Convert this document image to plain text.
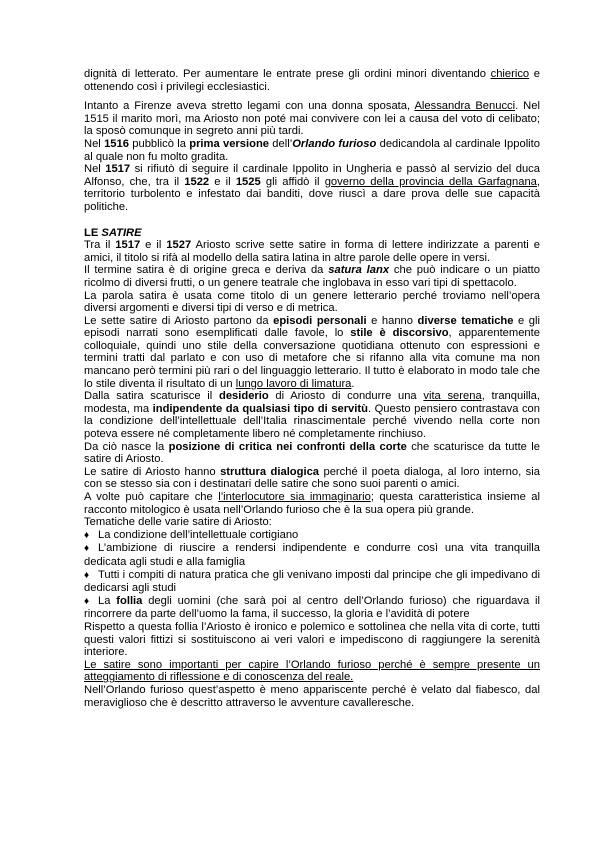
dignità di letterato. Per aumentare le entrate prese gli ordini minori diventando chierico e ottenendo così i privilegi ecclesiastici.

Intanto a Firenze aveva stretto legami con una donna sposata, Alessandra Benucci. Nel 1515 il marito morì, ma Ariosto non poté mai convivere con lei a causa del voto di celibato; la sposò comunque in segreto anni più tardi.

Nel 1516 pubblicò la prima versione dell’Orlando furioso dedicandola al cardinale Ippolito al quale non fu molto gradita.

Nel 1517 si rifiutò di seguire il cardinale Ippolito in Ungheria e passò al servizio del duca Alfonso, che, tra il 1522 e il 1525 gli affidò il governo della provincia della Garfagnana, territorio turbolento e infestato dai banditi, dove riuscì a dare prova delle sue capacità politiche.

LE SATIRE

Tra il 1517 e il 1527 Ariosto scrive sette satire in forma di lettere indirizzate a parenti e amici, il titolo si rifà al modello della satira latina in altre parole delle opere in versi.

Il termine satira è di origine greca e deriva da satura lanx che può indicare o un piatto ricolmo di diversi frutti, o un genere teatrale che inglobava in esso vari tipi di spettacolo.

La parola satira è usata come titolo di un genere letterario perché troviamo nell’opera diversi argomenti e diversi tipi di verso e di metrica.

Le sette satire di Ariosto partono da episodi personali e hanno diverse tematiche e gli episodi narrati sono esemplificati dalle favole, lo stile è discorsivo, apparentemente colloquiale, quindi uno stile della conversazione quotidiana ottenuto con espressioni e termini tratti dal parlato e con uso di metafore che si rifanno alla vita comune ma non mancano però termini più rari o del linguaggio letterario. Il tutto è elaborato in modo tale che lo stile diventa il risultato di un lungo lavoro di limatura.

Dalla satira scaturisce il desiderio di Ariosto di condurre una vita serena, tranquilla, modesta, ma indipendente da qualsiasi tipo di servitù. Questo pensiero contrastava con la condizione dell’intellettuale dell’Italia rinascimentale perché vivendo nella corte non poteva essere né completamente libero né completamente rinchiuso.

Da ciò nasce la posizione di critica nei confronti della corte che scaturisce da tutte le satire di Ariosto.

Le satire di Ariosto hanno struttura dialogica perché il poeta dialoga, al loro interno, sia con se stesso sia con i destinatari delle satire che sono suoi parenti o amici.

A volte può capitare che l’interlocutore sia immaginario; questa caratteristica insieme al racconto mitologico è usata nell’Orlando furioso che è la sua opera più grande.

Tematiche delle varie satire di Ariosto:

♦ La condizione dell’intellettuale cortigiano

♦ L’ambizione di riuscire a rendersi indipendente e condurre così una vita tranquilla dedicata agli studi e alla famiglia

♦ Tutti i compiti di natura pratica che gli venivano imposti dal principe che gli impedivano di dedicarsi agli studi

♦ La follia degli uomini (che sarà poi al centro dell’Orlando furioso) che riguardava il rincorrere da parte dell’uomo la fama, il successo, la gloria e l’avidità di potere

Rispetto a questa follia l’Ariosto è ironico e polemico e sottolinea che nella vita di corte, tutti questi valori fittizi si sostituiscono ai veri valori e impediscono di raggiungere la serenità interiore.

Le satire sono importanti per capire l’Orlando furioso perché è sempre presente un atteggiamento di riflessione e di conoscenza del reale.

Nell’Orlando furioso quest’aspetto è meno appariscente perché è velato dal fiabesco, dal meraviglioso che è descritto attraverso le avventure cavalleresche.
